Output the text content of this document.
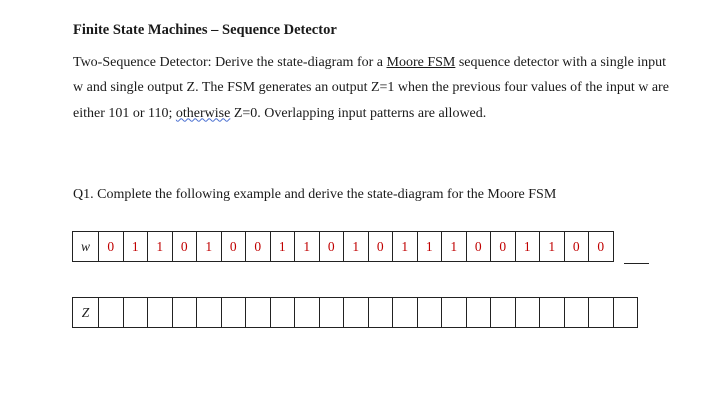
Finite State Machines – Sequence Detector

Two-Sequence Detector: Derive the state-diagram for a Moore FSM sequence detector with a single input w and single output Z. The FSM generates an output Z=1 when the previous four values of the input w are either 101 or 110; otherwise Z=0. Overlapping input patterns are allowed.

Q1. Complete the following example and derive the state-diagram for the Moore FSM

w	0	1	1	0	1	0	0	1	1	0	1	0	1	1	1	0	0	1	1	0	0
Z																						
